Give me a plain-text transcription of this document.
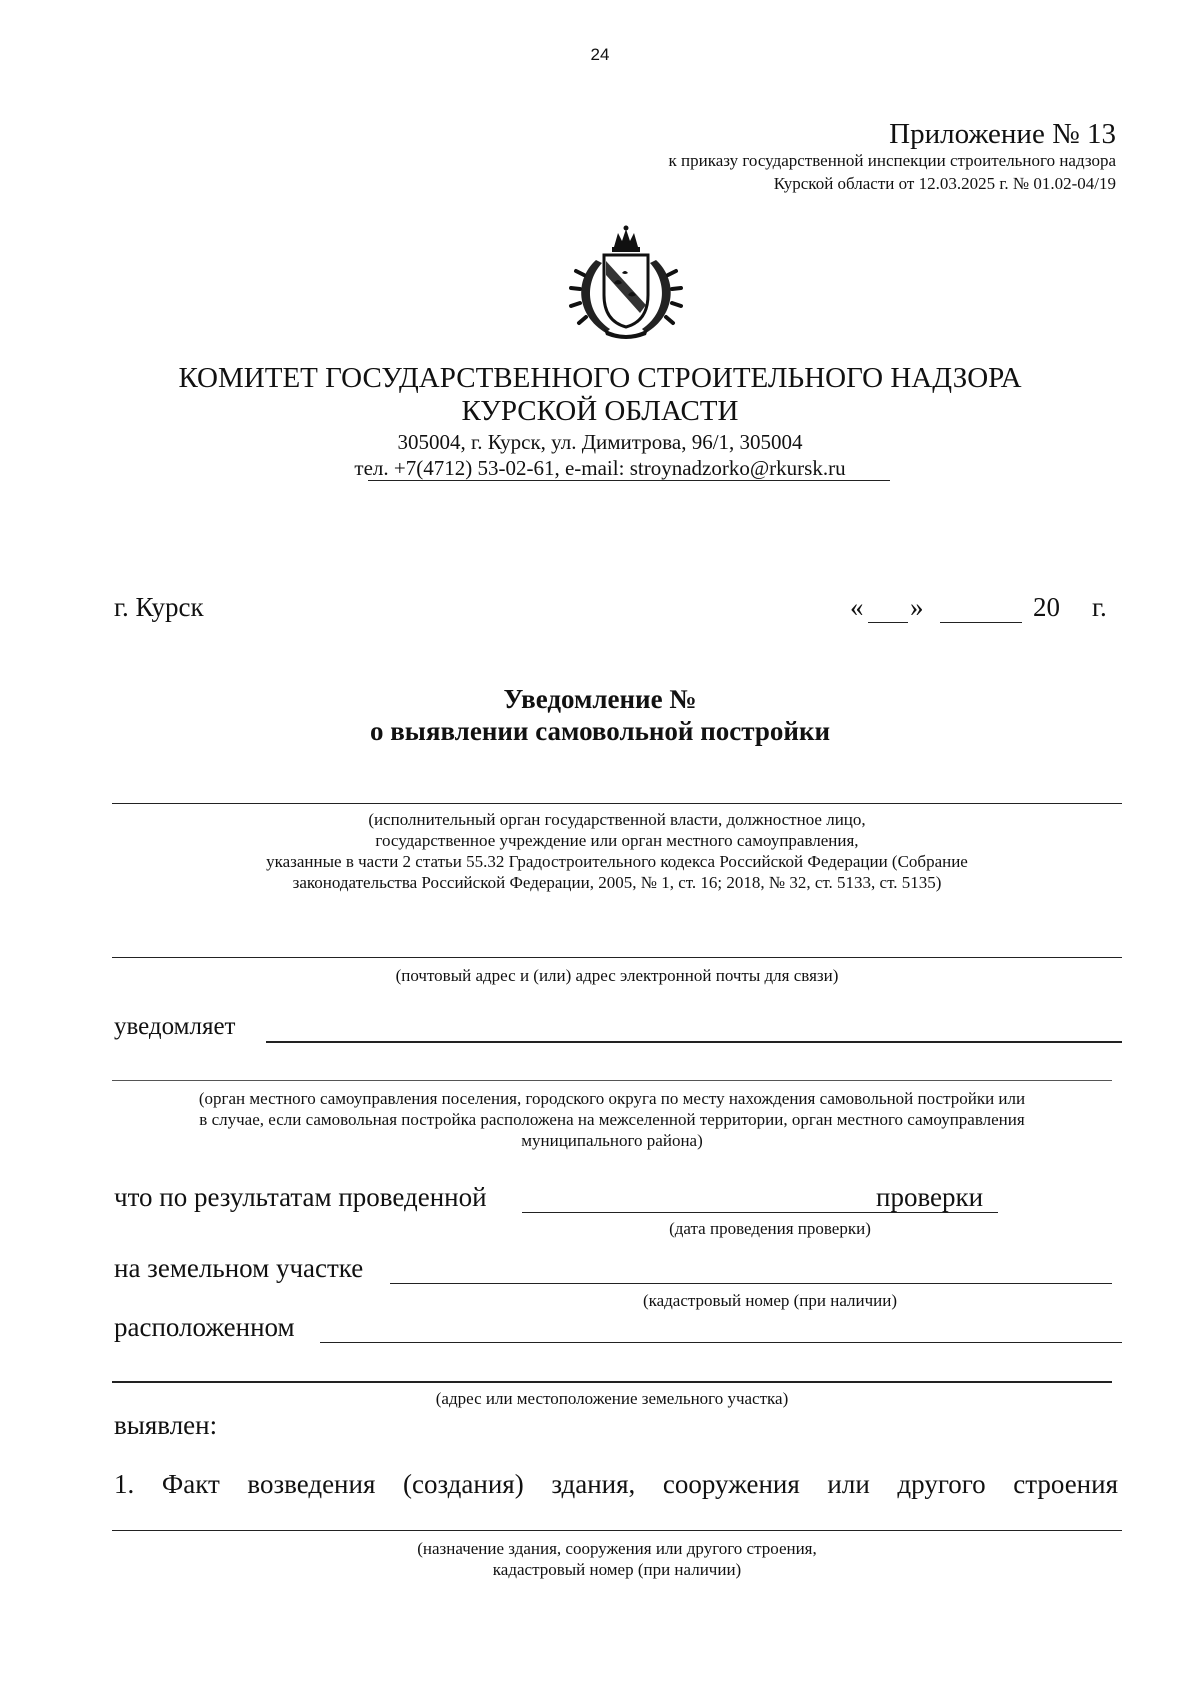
24
Приложение № 13
к приказу государственной инспекции строительного надзора
Курской области от 12.03.2025 г. № 01.02-04/19
КОМИТЕТ ГОСУДАРСТВЕННОГО СТРОИТЕЛЬНОГО НАДЗОРА
КУРСКОЙ ОБЛАСТИ
305004, г. Курск, ул. Димитрова, 96/1, 305004
тел. +7(4712) 53-02-61, e-mail: stroynadzorko@rkursk.ru
г. Курск	« »	20 г.
Уведомление №
о выявлении самовольной постройки
(исполнительный орган государственной власти, должностное лицо,
государственное учреждение или орган местного самоуправления,
указанные в части 2 статьи 55.32 Градостроительного кодекса Российской Федерации (Собрание
законодательства Российской Федерации, 2005, № 1, ст. 16; 2018, № 32, ст. 5133, ст. 5135)
(почтовый адрес и (или) адрес электронной почты для связи)
уведомляет
(орган местного самоуправления поселения, городского округа по месту нахождения самовольной постройки или
в случае, если самовольная постройка расположена на межселенной территории, орган местного самоуправления
муниципального района)
что по результатам проведенной	проверки
(дата проведения проверки)
на земельном участке
(кадастровый номер (при наличии)
расположенном
(адрес или местоположение земельного участка)
выявлен:
1. Факт возведения (создания) здания, сооружения или другого строения
(назначение здания, сооружения или другого строения,
кадастровый номер (при наличии)
